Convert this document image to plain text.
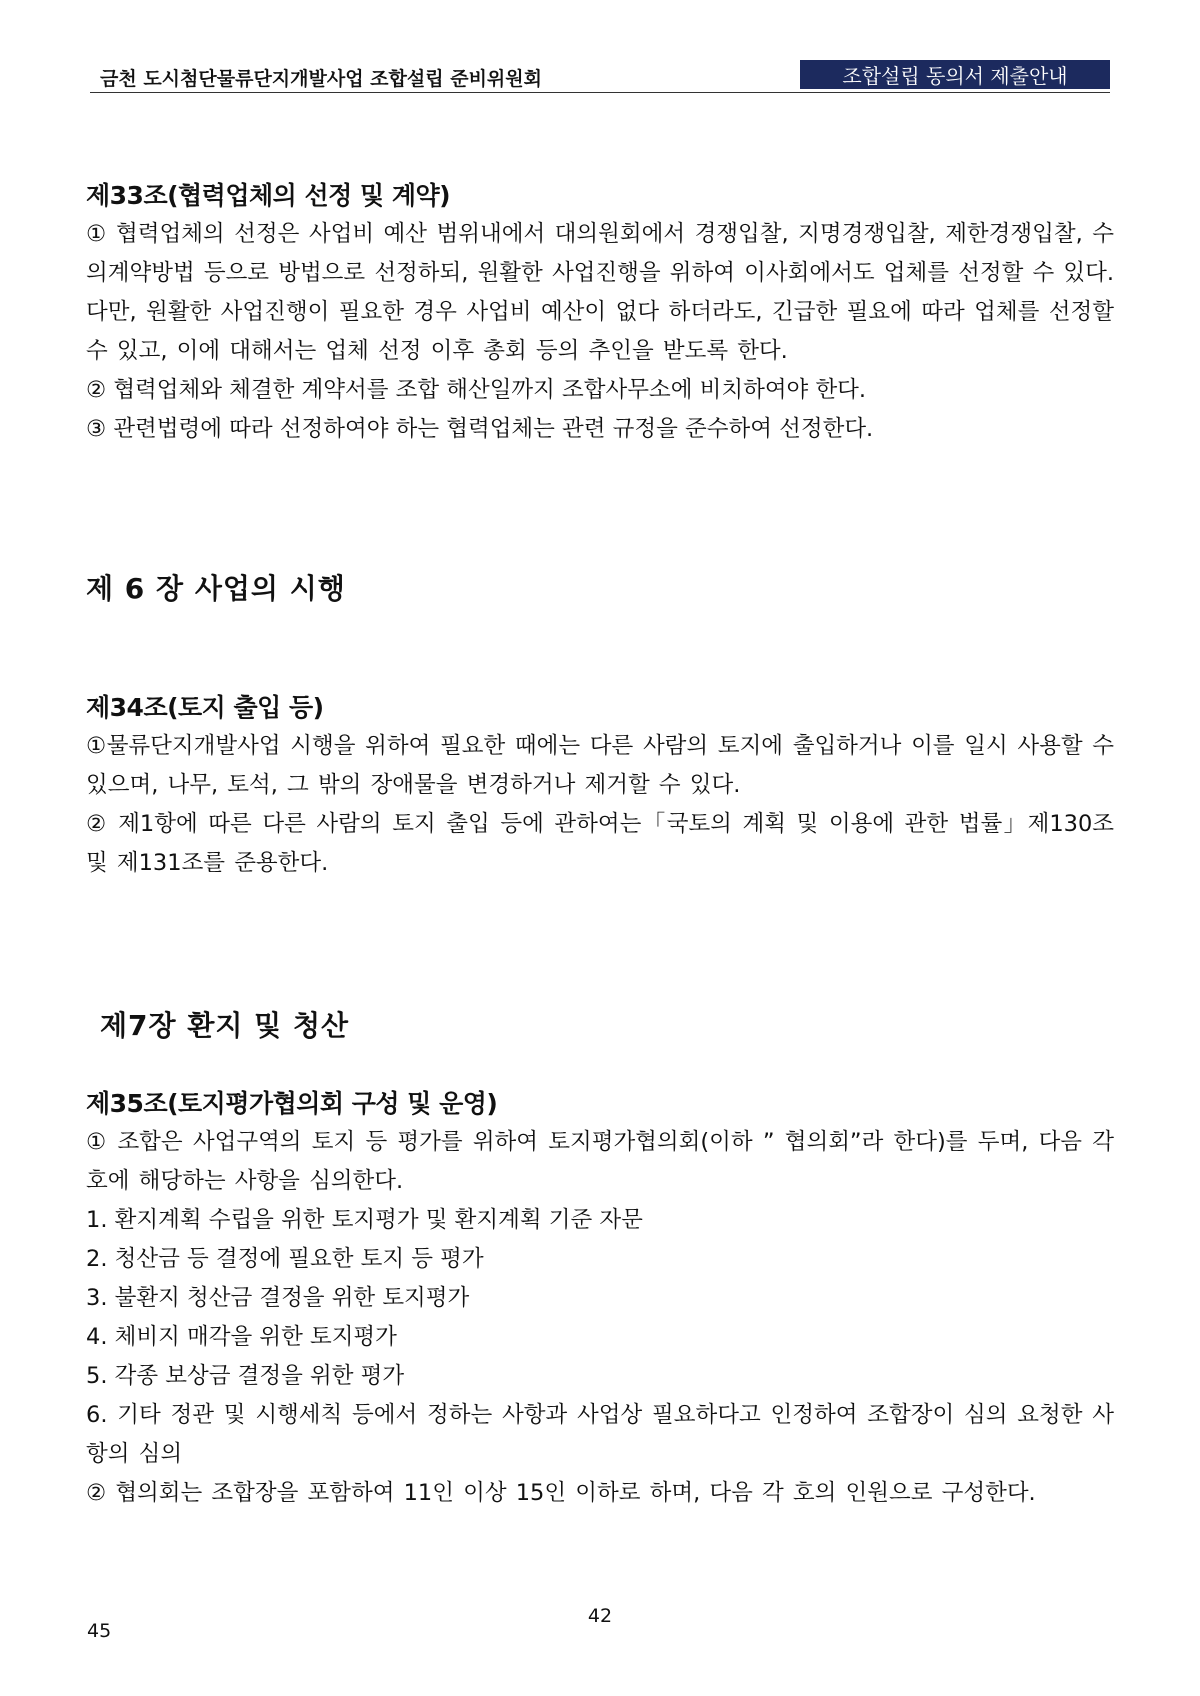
금천 도시첨단물류단지개발사업 조합설립 준비위원회	조합설립 동의서 제출안내
제33조(협력업체의 선정 및 계약)
① 협력업체의 선정은 사업비 예산 범위내에서 대의원회에서 경쟁입찰, 지명경쟁입찰, 제한경쟁입찰, 수의계약방법 등으로 방법으로 선정하되, 원활한 사업진행을 위하여 이사회에서도 업체를 선정할 수 있다. 다만, 원활한 사업진행이 필요한 경우 사업비 예산이 없다 하더라도, 긴급한 필요에 따라 업체를 선정할 수 있고, 이에 대해서는 업체 선정 이후 총회 등의 추인을 받도록 한다.
② 협력업체와 체결한 계약서를 조합 해산일까지 조합사무소에 비치하여야 한다.
③ 관련법령에 따라 선정하여야 하는 협력업체는 관련 규정을 준수하여 선정한다.
제 6 장 사업의 시행
제34조(토지 출입 등)
①물류단지개발사업 시행을 위하여 필요한 때에는 다른 사람의 토지에 출입하거나 이를 일시 사용할 수 있으며, 나무, 토석, 그 밖의 장애물을 변경하거나 제거할 수 있다.
② 제1항에 따른 다른 사람의 토지 출입 등에 관하여는「국토의 계획 및 이용에 관한 법률」제130조 및 제131조를 준용한다.
제7장 환지 및 청산
제35조(토지평가협의회 구성 및 운영)
① 조합은 사업구역의 토지 등 평가를 위하여 토지평가협의회(이하 ” 협의회”라 한다)를 두며, 다음 각 호에 해당하는 사항을 심의한다.
1. 환지계획 수립을 위한 토지평가 및 환지계획 기준 자문
2. 청산금 등 결정에 필요한 토지 등 평가
3. 불환지 청산금 결정을 위한 토지평가
4. 체비지 매각을 위한 토지평가
5. 각종 보상금 결정을 위한 평가
6. 기타 정관 및 시행세칙 등에서 정하는 사항과 사업상 필요하다고 인정하여 조합장이 심의 요청한 사항의 심의
② 협의회는 조합장을 포함하여 11인 이상 15인 이하로 하며, 다음 각 호의 인원으로 구성한다.
42
45
